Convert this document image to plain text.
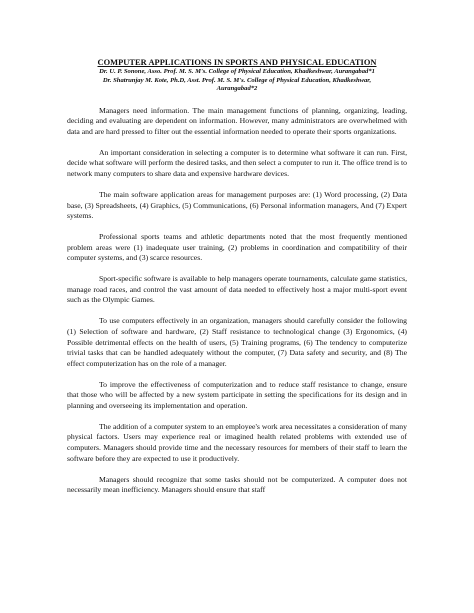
COMPUTER APPLICATIONS IN SPORTS AND PHYSICAL EDUCATION
Dr. U. P. Sonone, Asso. Prof. M. S. M's. College of Physical Education, Khadkeshwar, Aurangabad*1
Dr. Shatrunjay M. Kote, Ph.D, Asst. Prof. M. S. M's. College of Physical Education, Khadkeshwar,
Aurangabad*2

Managers need information. The main management functions of planning, organizing, leading, deciding and evaluating are dependent on information. However, many administrators are overwhelmed with data and are hard pressed to filter out the essential information needed to operate their sports organizations.

An important consideration in selecting a computer is to determine what software it can run. First, decide what software will perform the desired tasks, and then select a computer to run it. The office trend is to network many computers to share data and expensive hardware devices.

The main software application areas for management purposes are: (1) Word processing, (2) Data base, (3) Spreadsheets, (4) Graphics, (5) Communications, (6) Personal information managers, And (7) Expert systems.

Professional sports teams and athletic departments noted that the most frequently mentioned problem areas were (1) inadequate user training, (2) problems in coordination and compatibility of their computer systems, and (3) scarce resources.

Sport-specific software is available to help managers operate tournaments, calculate game statistics, manage road races, and control the vast amount of data needed to effectively host a major multi-sport event such as the Olympic Games.

To use computers effectively in an organization, managers should carefully consider the following (1) Selection of software and hardware, (2) Staff resistance to technological change (3) Ergonomics, (4) Possible detrimental effects on the health of users, (5) Training programs, (6) The tendency to computerize trivial tasks that can be handled adequately without the computer, (7) Data safety and security, and (8) The effect computerization has on the role of a manager.

To improve the effectiveness of computerization and to reduce staff resistance to change, ensure that those who will be affected by a new system participate in setting the specifications for its design and in planning and overseeing its implementation and operation.

The addition of a computer system to an employee's work area necessitates a consideration of many physical factors. Users may experience real or imagined health related problems with extended use of computers. Managers should provide time and the necessary resources for members of their staff to learn the software before they are expected to use it productively.

Managers should recognize that some tasks should not be computerized. A computer does not necessarily mean inefficiency. Managers should ensure that staff
